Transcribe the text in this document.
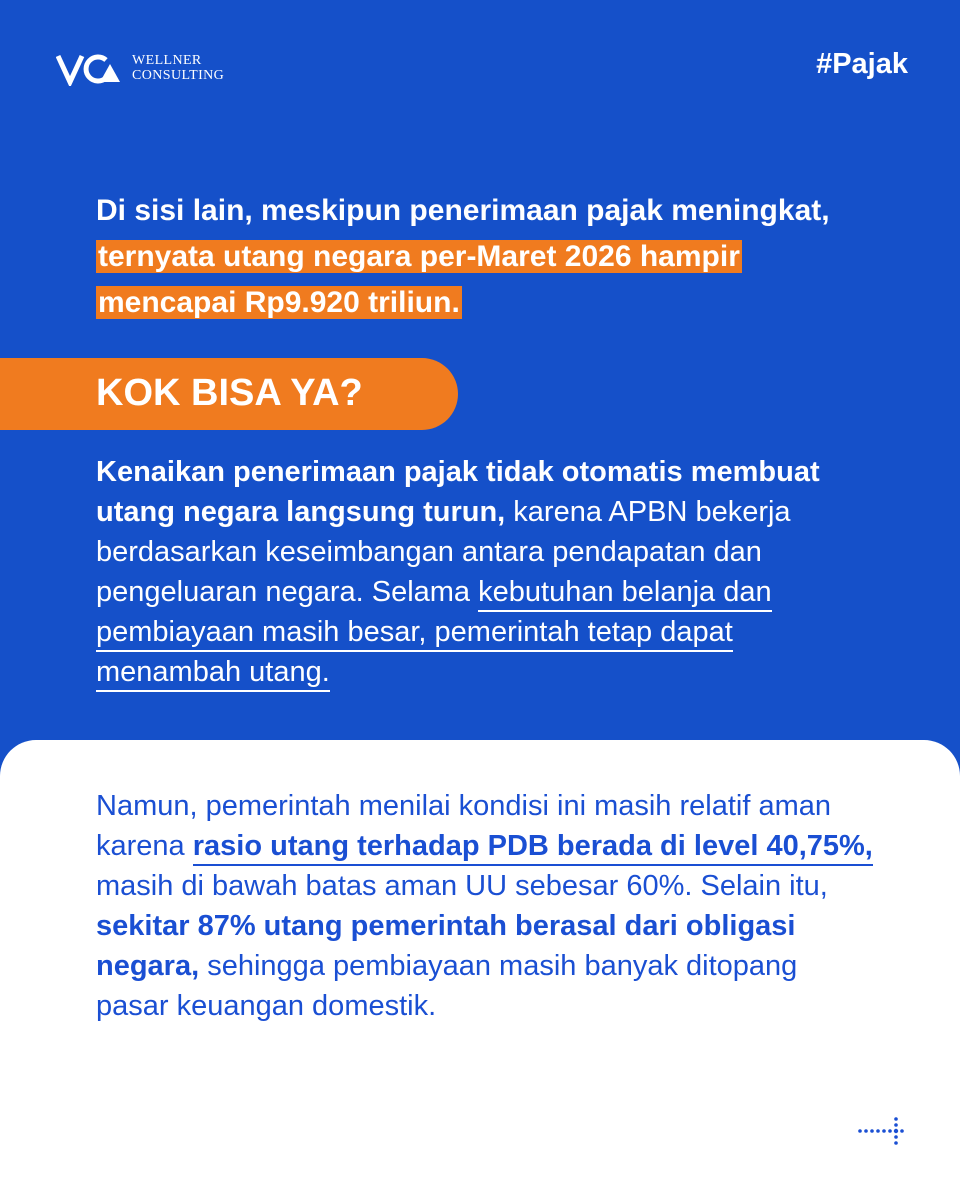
WELLNER
CONSULTING	#Pajak
Di sisi lain, meskipun penerimaan pajak meningkat, ternyata utang negara per-Maret 2026 hampir mencapai Rp9.920 triliun.
KOK BISA YA?
Kenaikan penerimaan pajak tidak otomatis membuat utang negara langsung turun, karena APBN bekerja berdasarkan keseimbangan antara pendapatan dan pengeluaran negara. Selama kebutuhan belanja dan pembiayaan masih besar, pemerintah tetap dapat menambah utang.
Namun, pemerintah menilai kondisi ini masih relatif aman karena rasio utang terhadap PDB berada di level 40,75%, masih di bawah batas aman UU sebesar 60%. Selain itu, sekitar 87% utang pemerintah berasal dari obligasi negara, sehingga pembiayaan masih banyak ditopang pasar keuangan domestik.
